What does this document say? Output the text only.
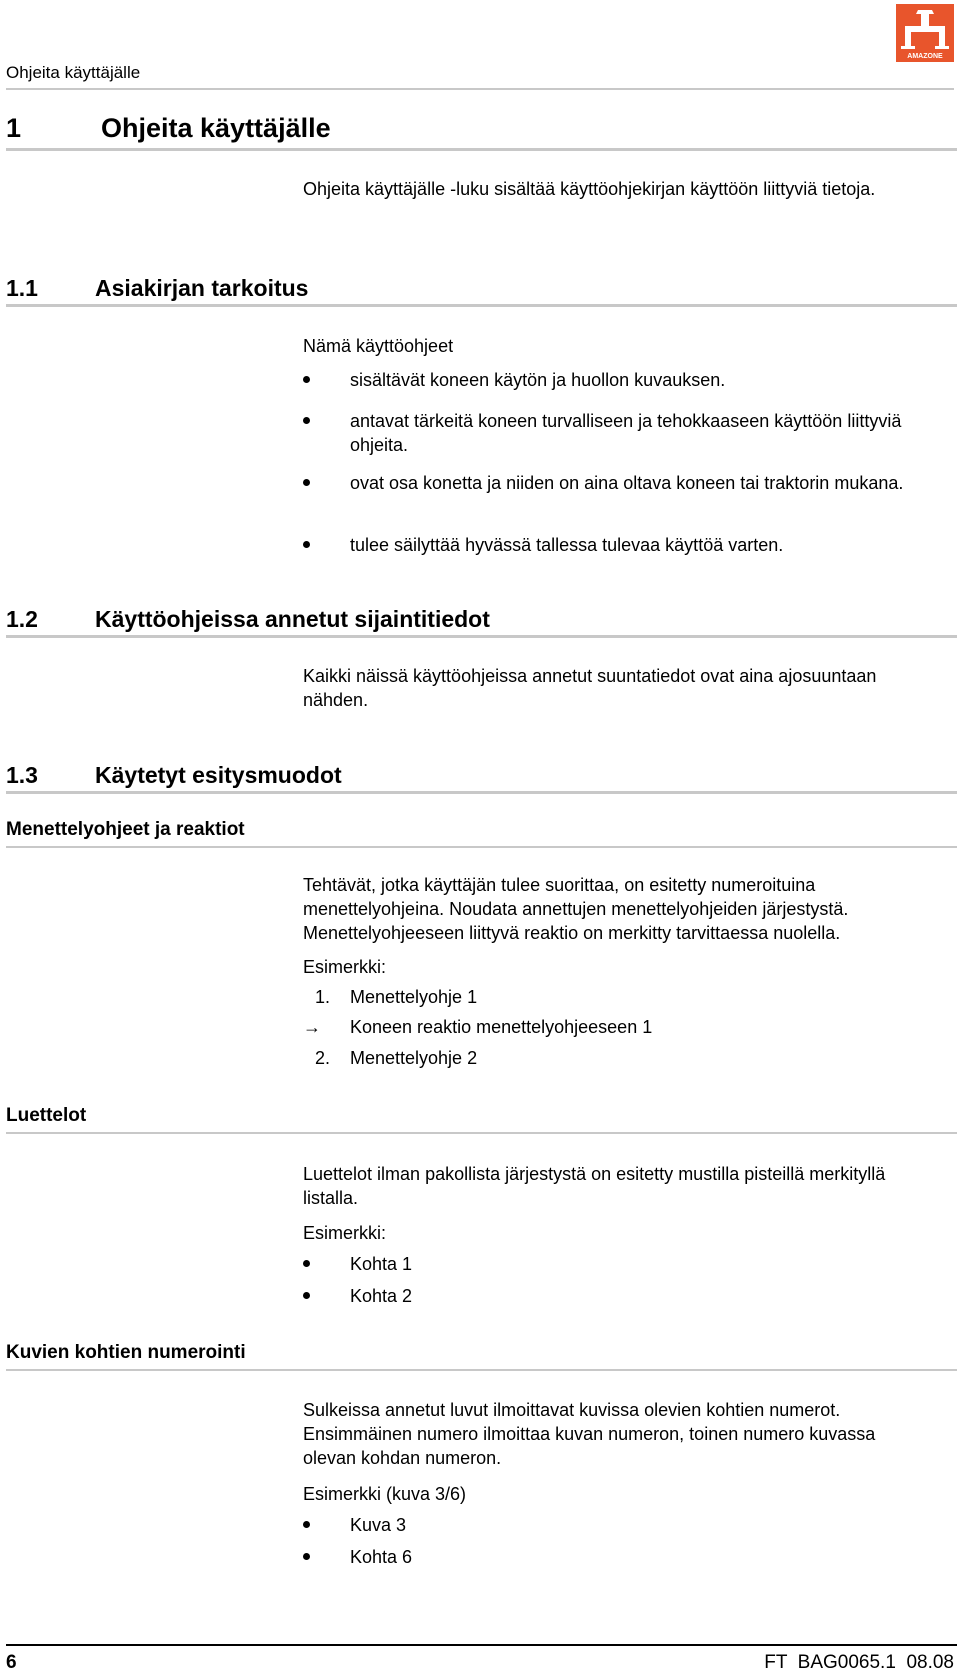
Ohjeita käyttäjälle
AMAZONE
1	Ohjeita käyttäjälle
Ohjeita käyttäjälle -luku sisältää käyttöohjekirjan käyttöön liittyviä tietoja.
1.1 Asiakirjan tarkoitus
Nämä käyttöohjeet
sisältävät koneen käytön ja huollon kuvauksen.
antavat tärkeitä koneen turvalliseen ja tehokkaaseen käyttöön liittyviä ohjeita.
ovat osa konetta ja niiden on aina oltava koneen tai traktorin mukana.
tulee säilyttää hyvässä tallessa tulevaa käyttöä varten.
1.2 Käyttöohjeissa annetut sijaintitiedot
Kaikki näissä käyttöohjeissa annetut suuntatiedot ovat aina ajosuuntaan nähden.
1.3 Käytetyt esitysmuodot
Menettelyohjeet ja reaktiot
Tehtävät, jotka käyttäjän tulee suorittaa, on esitetty numeroituina menettelyohjeina. Noudata annettujen menettelyohjeiden järjestystä. Menettelyohjeeseen liittyvä reaktio on merkitty tarvittaessa nuolella.
Esimerkki:
1.	Menettelyohje 1
→	Koneen reaktio menettelyohjeeseen 1
2.	Menettelyohje 2
Luettelot
Luettelot ilman pakollista järjestystä on esitetty mustilla pisteillä merkityllä listalla.
Esimerkki:
Kohta 1
Kohta 2
Kuvien kohtien numerointi
Sulkeissa annetut luvut ilmoittavat kuvissa olevien kohtien numerot. Ensimmäinen numero ilmoittaa kuvan numeron, toinen numero kuvassa olevan kohdan numeron.
Esimerkki (kuva 3/6)
Kuva 3
Kohta 6
6	FT  BAG0065.1  08.08
